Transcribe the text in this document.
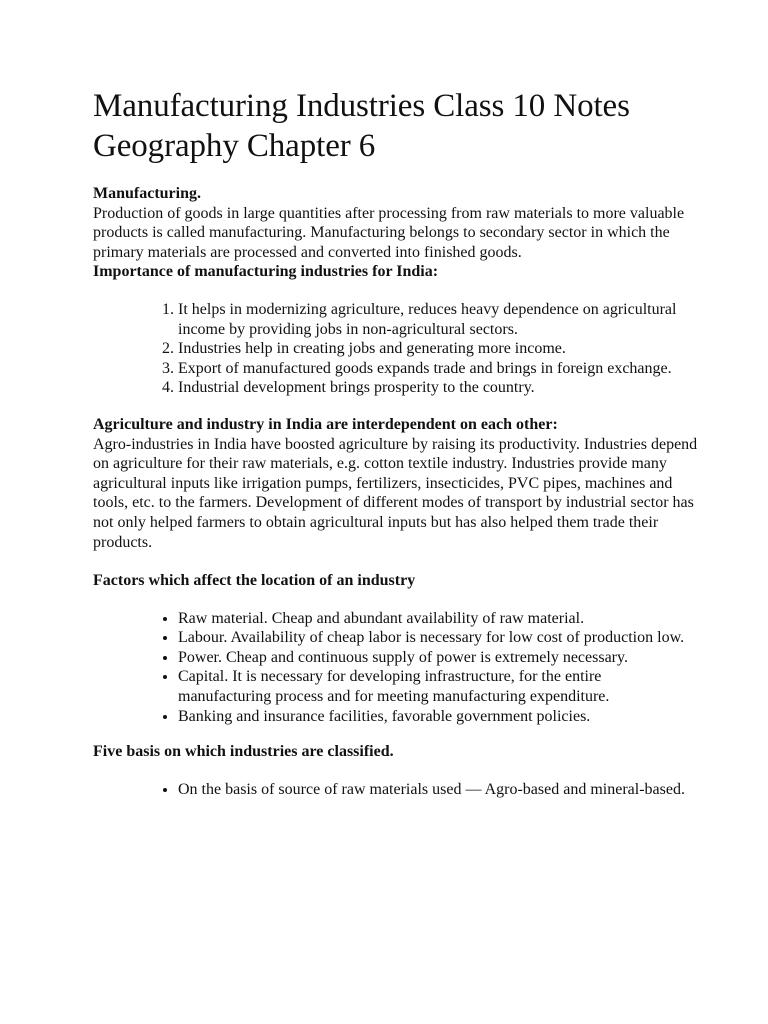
Manufacturing Industries Class 10 Notes Geography Chapter 6

Manufacturing.

Production of goods in large quantities after processing from raw materials to more valuable products is called manufacturing. Manufacturing belongs to secondary sector in which the primary materials are processed and converted into finished goods.

Importance of manufacturing industries for India:

1. It helps in modernizing agriculture, reduces heavy dependence on agricultural income by providing jobs in non-agricultural sectors.
2. Industries help in creating jobs and generating more income.
3. Export of manufactured goods expands trade and brings in foreign exchange.
4. Industrial development brings prosperity to the country.

Agriculture and industry in India are interdependent on each other:

Agro-industries in India have boosted agriculture by raising its productivity. Industries depend on agriculture for their raw materials, e.g. cotton textile industry. Industries provide many agricultural inputs like irrigation pumps, fertilizers, insecticides, PVC pipes, machines and tools, etc. to the farmers. Development of different modes of transport by industrial sector has not only helped farmers to obtain agricultural inputs but has also helped them trade their products.

Factors which affect the location of an industry

• Raw material. Cheap and abundant availability of raw material.
• Labour. Availability of cheap labor is necessary for low cost of production low.
• Power. Cheap and continuous supply of power is extremely necessary.
• Capital. It is necessary for developing infrastructure, for the entire manufacturing process and for meeting manufacturing expenditure.
• Banking and insurance facilities, favorable government policies.

Five basis on which industries are classified.

• On the basis of source of raw materials used — Agro-based and mineral-based.
